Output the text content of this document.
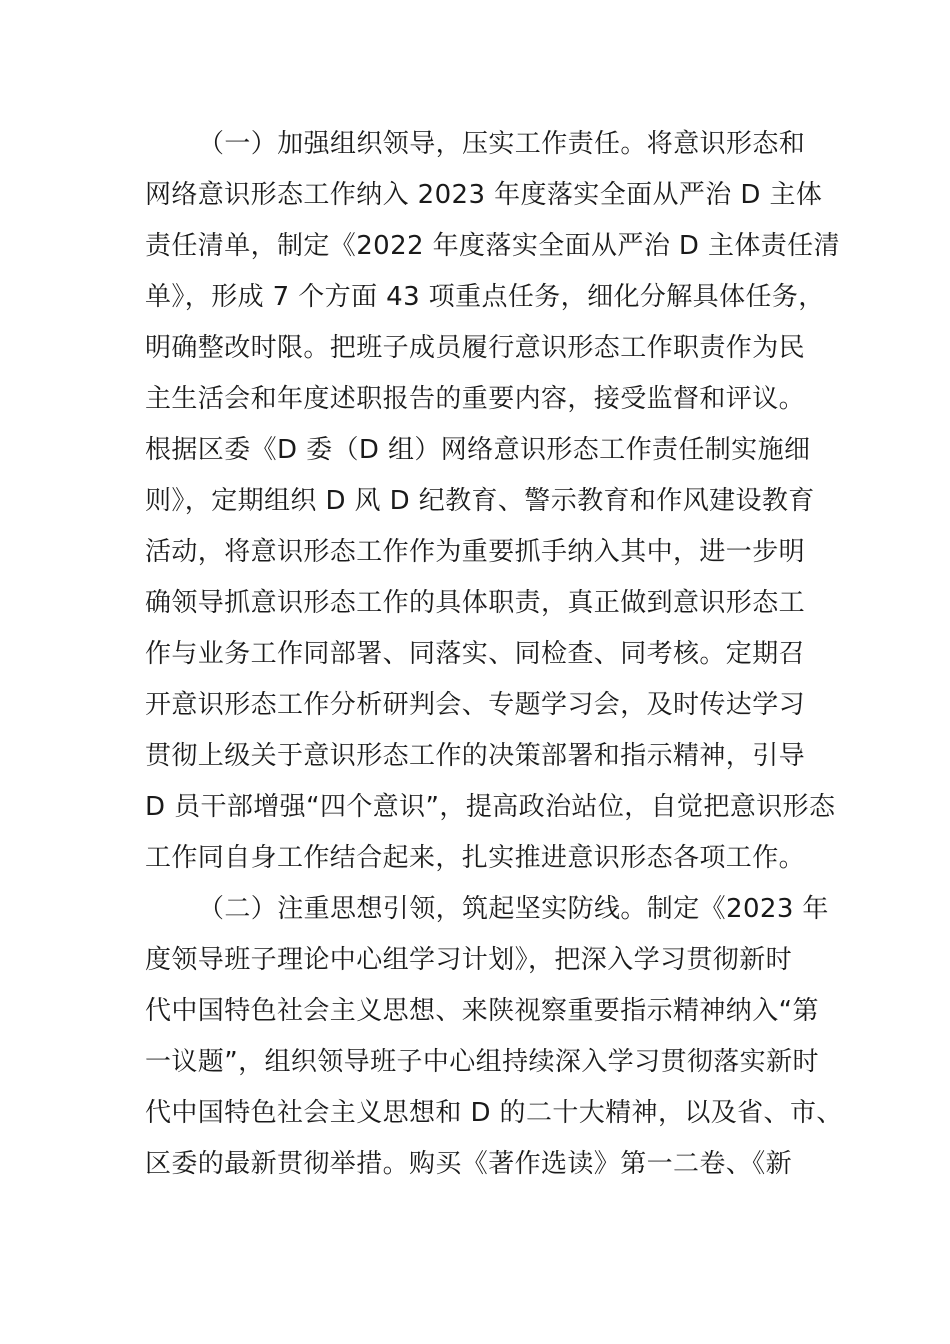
（一）加强组织领导，压实工作责任。将意识形态和
网络意识形态工作纳入 2023 年度落实全面从严治 D 主体
责任清单，制定《2022 年度落实全面从严治 D 主体责任清
单》，形成 7 个方面 43 项重点任务，细化分解具体任务，
明确整改时限。把班子成员履行意识形态工作职责作为民
主生活会和年度述职报告的重要内容，接受监督和评议。
根据区委《D 委（D 组）网络意识形态工作责任制实施细
则》，定期组织 D 风 D 纪教育、警示教育和作风建设教育
活动，将意识形态工作作为重要抓手纳入其中，进一步明
确领导抓意识形态工作的具体职责，真正做到意识形态工
作与业务工作同部署、同落实、同检查、同考核。定期召
开意识形态工作分析研判会、专题学习会，及时传达学习
贯彻上级关于意识形态工作的决策部署和指示精神，引导
D 员干部增强“四个意识”，提高政治站位，自觉把意识形态
工作同自身工作结合起来，扎实推进意识形态各项工作。
（二）注重思想引领，筑起坚实防线。制定《2023 年
度领导班子理论中心组学习计划》，把深入学习贯彻新时
代中国特色社会主义思想、来陕视察重要指示精神纳入“第
一议题”，组织领导班子中心组持续深入学习贯彻落实新时
代中国特色社会主义思想和 D 的二十大精神，以及省、市、
区委的最新贯彻举措。购买《著作选读》第一二卷、《新
